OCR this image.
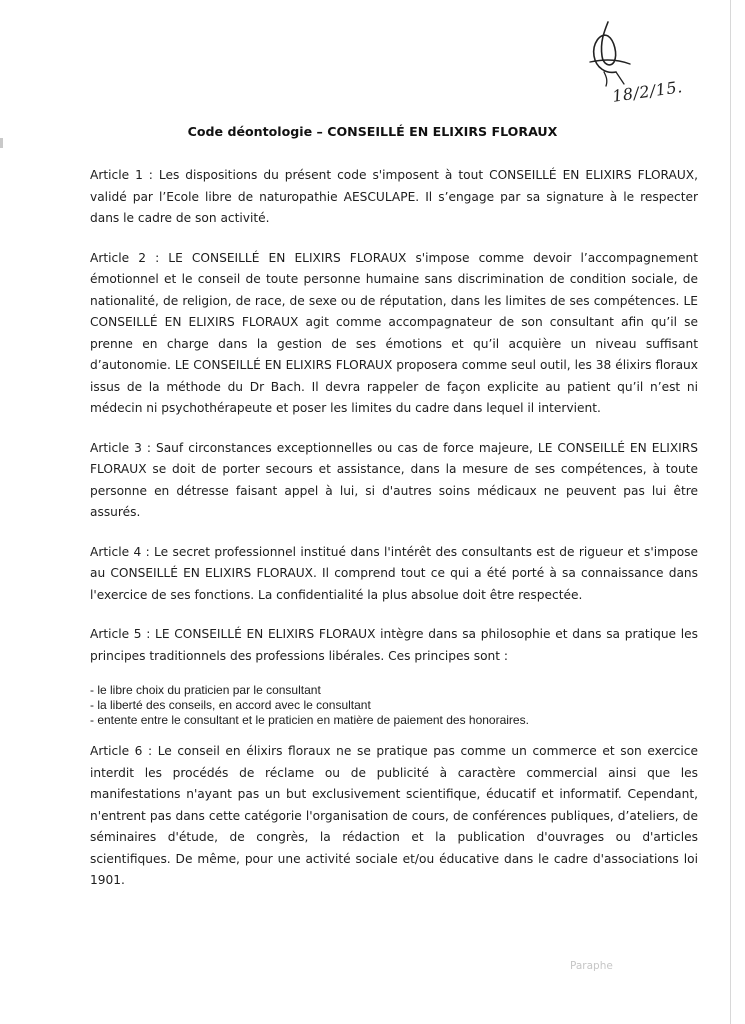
18/2/15.
Code déontologie – CONSEILLÉ EN ELIXIRS FLORAUX

Article 1 : Les dispositions du présent code s'imposent à tout CONSEILLÉ EN ELIXIRS FLORAUX, validé par l’Ecole libre de naturopathie AESCULAPE. Il s’engage par sa signature à le respecter dans le cadre de son activité.

Article 2 : LE CONSEILLÉ EN ELIXIRS FLORAUX s'impose comme devoir l’accompagnement émotionnel et le conseil de toute personne humaine sans discrimination de condition sociale, de nationalité, de religion, de race, de sexe ou de réputation, dans les limites de ses compétences. LE CONSEILLÉ EN ELIXIRS FLORAUX agit comme accompagnateur de son consultant afin qu’il se prenne en charge dans la gestion de ses émotions et qu’il acquière un niveau suffisant d’autonomie. LE CONSEILLÉ EN ELIXIRS FLORAUX proposera comme seul outil, les 38 élixirs floraux issus de la méthode du Dr Bach. Il devra rappeler de façon explicite au patient qu’il n’est ni médecin ni psychothérapeute et poser les limites du cadre dans lequel il intervient.

Article 3 : Sauf circonstances exceptionnelles ou cas de force majeure, LE CONSEILLÉ EN ELIXIRS FLORAUX se doit de porter secours et assistance, dans la mesure de ses compétences, à toute personne en détresse faisant appel à lui, si d'autres soins médicaux ne peuvent pas lui être assurés.

Article 4 : Le secret professionnel institué dans l'intérêt des consultants est de rigueur et s'impose au CONSEILLÉ EN ELIXIRS FLORAUX. Il comprend tout ce qui a été porté à sa connaissance dans l'exercice de ses fonctions. La confidentialité la plus absolue doit être respectée.

Article 5 : LE CONSEILLÉ EN ELIXIRS FLORAUX intègre dans sa philosophie et dans sa pratique les principes traditionnels des professions libérales. Ces principes sont :

- le libre choix du praticien par le consultant
- la liberté des conseils, en accord avec le consultant
- entente entre le consultant et le praticien en matière de paiement des honoraires.

Article 6 : Le conseil en élixirs floraux ne se pratique pas comme un commerce et son exercice interdit les procédés de réclame ou de publicité à caractère commercial ainsi que les manifestations n'ayant pas un but exclusivement scientifique, éducatif et informatif. Cependant, n'entrent pas dans cette catégorie l'organisation de cours, de conférences publiques, d’ateliers, de séminaires d'étude, de congrès, la rédaction et la publication d'ouvrages ou d'articles scientifiques. De même, pour une activité sociale et/ou éducative dans le cadre d'associations loi 1901.

Paraphe
